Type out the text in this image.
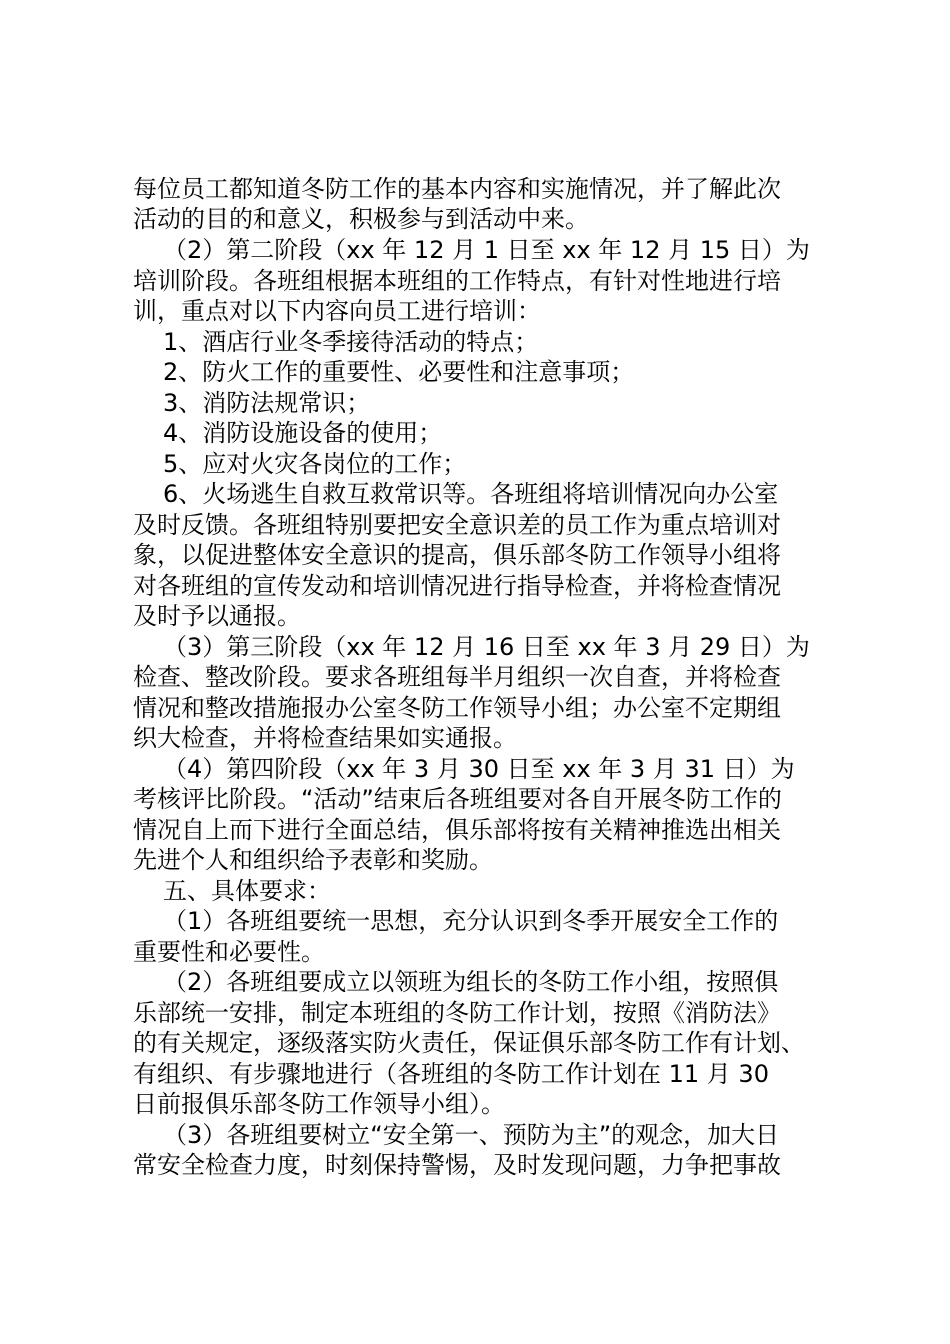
每位员工都知道冬防工作的基本内容和实施情况，并了解此次
活动的目的和意义，积极参与到活动中来。
（2）第二阶段（xx 年 12 月 1 日至 xx 年 12 月 15 日）为
培训阶段。各班组根据本班组的工作特点，有针对性地进行培
训，重点对以下内容向员工进行培训：
1、酒店行业冬季接待活动的特点；
2、防火工作的重要性、必要性和注意事项；
3、消防法规常识；
4、消防设施设备的使用；
5、应对火灾各岗位的工作；
6、火场逃生自救互救常识等。各班组将培训情况向办公室
及时反馈。各班组特别要把安全意识差的员工作为重点培训对
象，以促进整体安全意识的提高，俱乐部冬防工作领导小组将
对各班组的宣传发动和培训情况进行指导检查，并将检查情况
及时予以通报。
（3）第三阶段（xx 年 12 月 16 日至 xx 年 3 月 29 日）为
检查、整改阶段。要求各班组每半月组织一次自查，并将检查
情况和整改措施报办公室冬防工作领导小组；办公室不定期组
织大检查，并将检查结果如实通报。
（4）第四阶段（xx 年 3 月 30 日至 xx 年 3 月 31 日）为
考核评比阶段。“活动”结束后各班组要对各自开展冬防工作的
情况自上而下进行全面总结，俱乐部将按有关精神推选出相关
先进个人和组织给予表彰和奖励。
五、具体要求：
（1）各班组要统一思想，充分认识到冬季开展安全工作的
重要性和必要性。
（2）各班组要成立以领班为组长的冬防工作小组，按照俱
乐部统一安排，制定本班组的冬防工作计划，按照《消防法》
的有关规定，逐级落实防火责任，保证俱乐部冬防工作有计划、
有组织、有步骤地进行（各班组的冬防工作计划在 11 月 30
日前报俱乐部冬防工作领导小组）。
（3）各班组要树立“安全第一、预防为主”的观念，加大日
常安全检查力度，时刻保持警惕，及时发现问题，力争把事故
